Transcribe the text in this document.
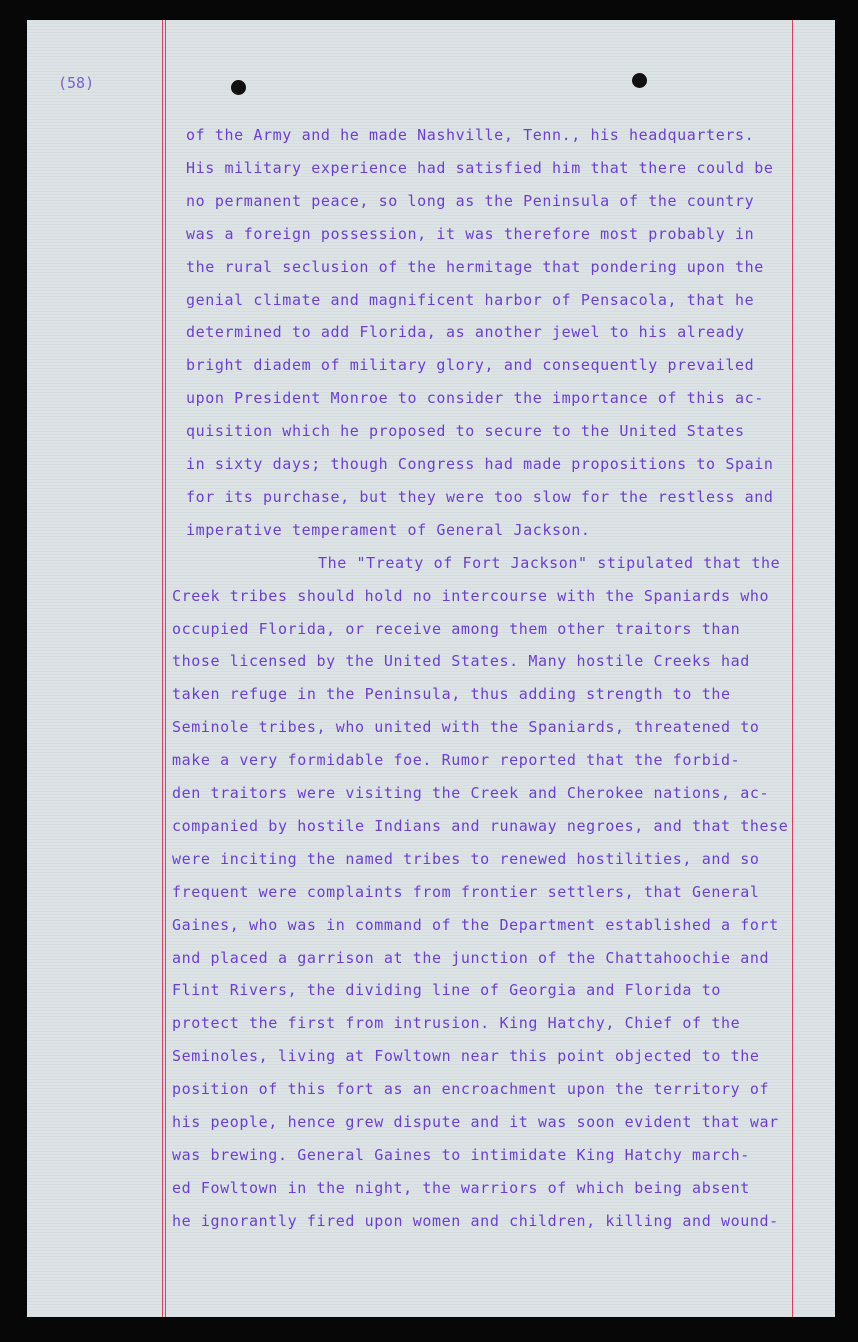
(58)

of the Army and he made Nashville, Tenn., his headquarters.

His military experience had satisfied him that there could be

no permanent peace, so long as the Peninsula of the country

was a foreign possession, it was therefore most probably in

the rural seclusion of the hermitage that pondering upon the

genial climate and magnificent harbor of Pensacola, that he

determined to add Florida, as another jewel to his already

bright diadem of military glory, and consequently prevailed

upon President Monroe to consider the importance of this ac-

quisition which he proposed to secure to the United States

in sixty days; though Congress had made propositions to Spain

for its purchase, but they were too slow for the restless and

imperative temperament of General Jackson.

The "Treaty of Fort Jackson" stipulated that the

Creek tribes should hold no intercourse with the Spaniards who

occupied Florida, or receive among them other traitors than

those licensed by the United States. Many hostile Creeks had

taken refuge in the Peninsula, thus adding strength to the

Seminole tribes, who united with the Spaniards, threatened to

make a very formidable foe. Rumor reported that the forbid-

den traitors were visiting the Creek and Cherokee nations, ac-

companied by hostile Indians and runaway negroes, and that these

were inciting the named tribes to renewed hostilities, and so

frequent were complaints from frontier settlers, that General

Gaines, who was in command of the Department established a fort

and placed a garrison at the junction of the Chattahoochie and

Flint Rivers, the dividing line of Georgia and Florida to

protect the first from intrusion. King Hatchy, Chief of the

Seminoles, living at Fowltown near this point objected to the

position of this fort as an encroachment upon the territory of

his people, hence grew dispute and it was soon evident that war

was brewing. General Gaines to intimidate King Hatchy march-

ed Fowltown in the night, the warriors of which being absent

he ignorantly fired upon women and children, killing and wound-
